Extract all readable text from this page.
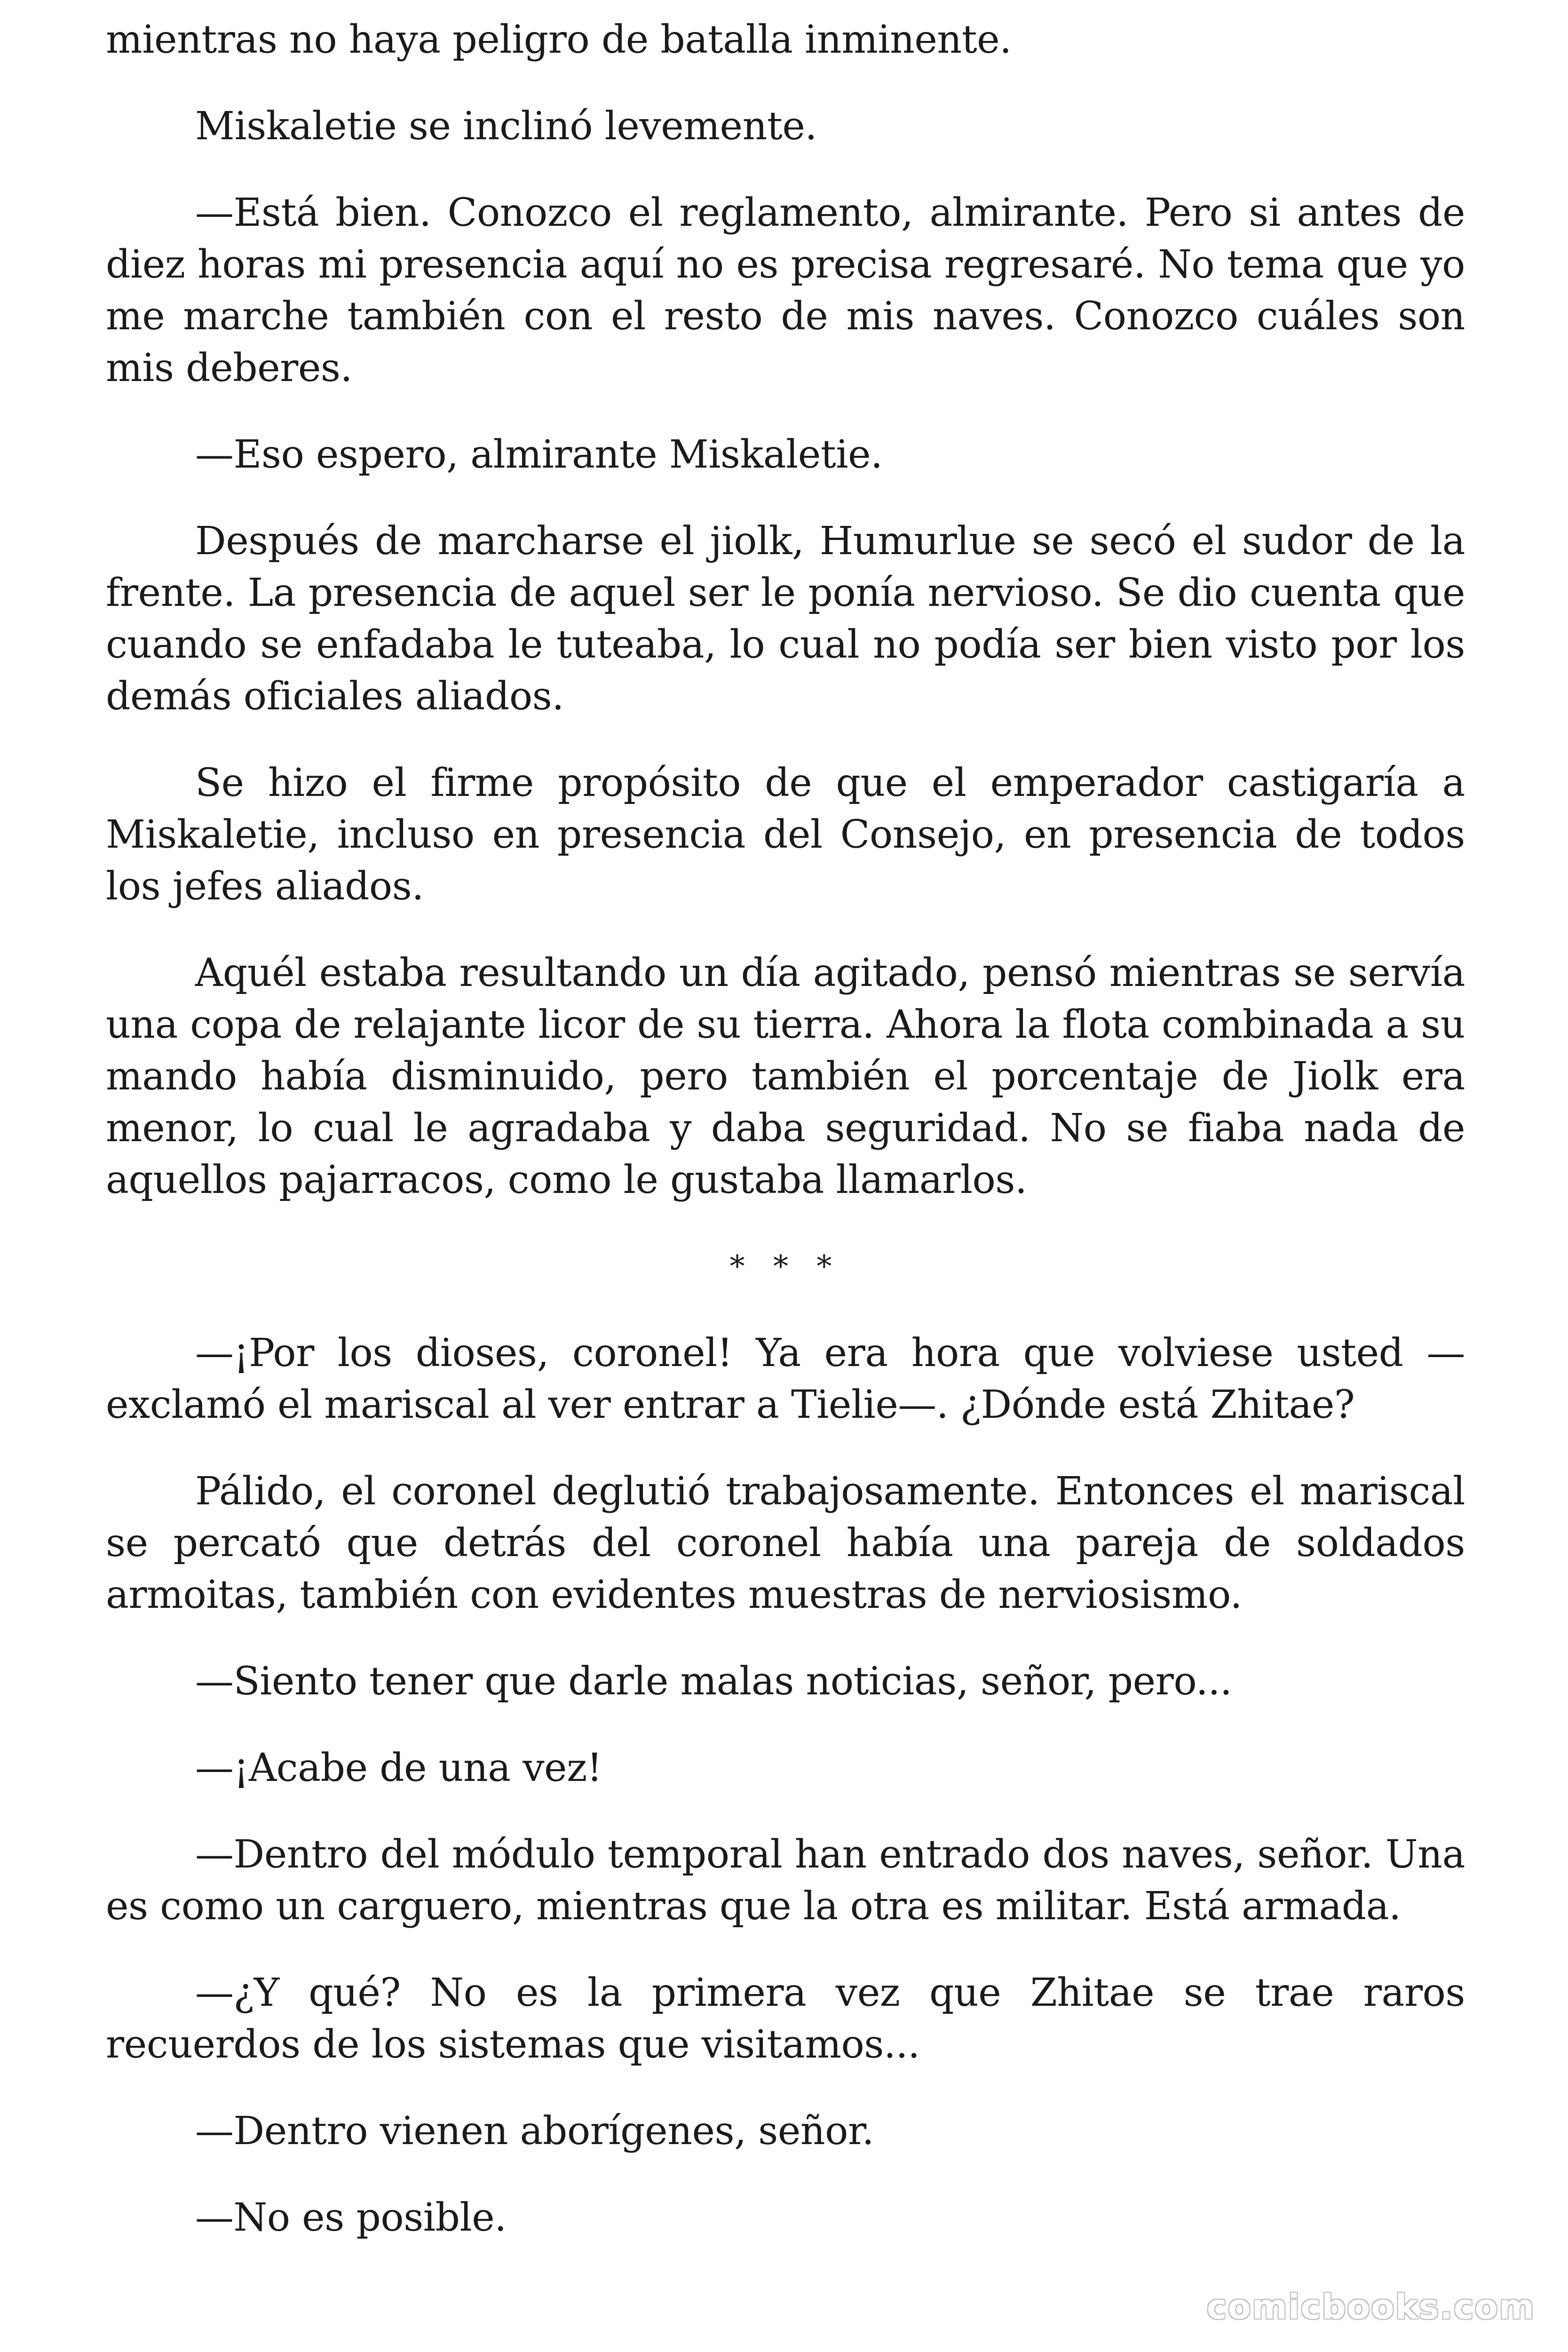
mientras no haya peligro de batalla inminente.

Miskaletie se inclinó levemente.

—Está bien. Conozco el reglamento, almirante. Pero si antes de diez horas mi presencia aquí no es precisa regresaré. No tema que yo me marche también con el resto de mis naves. Conozco cuáles son mis deberes.

—Eso espero, almirante Miskaletie.

Después de marcharse el jiolk, Humurlue se secó el sudor de la frente. La presencia de aquel ser le ponía nervioso. Se dio cuenta que cuando se enfadaba le tuteaba, lo cual no podía ser bien visto por los demás oficiales aliados.

Se hizo el firme propósito de que el emperador castigaría a Miskaletie, incluso en presencia del Consejo, en presencia de todos los jefes aliados.

Aquél estaba resultando un día agitado, pensó mientras se servía una copa de relajante licor de su tierra. Ahora la flota combinada a su mando había disminuido, pero también el porcentaje de Jiolk era menor, lo cual le agradaba y daba seguridad. No se fiaba nada de aquellos pajarracos, como le gustaba llamarlos.

* * *

—¡Por los dioses, coronel! Ya era hora que volviese usted —exclamó el mariscal al ver entrar a Tielie—. ¿Dónde está Zhitae?

Pálido, el coronel deglutió trabajosamente. Entonces el mariscal se percató que detrás del coronel había una pareja de soldados armoitas, también con evidentes muestras de nerviosismo.

—Siento tener que darle malas noticias, señor, pero...

—¡Acabe de una vez!

—Dentro del módulo temporal han entrado dos naves, señor. Una es como un carguero, mientras que la otra es militar. Está armada.

—¿Y qué? No es la primera vez que Zhitae se trae raros recuerdos de los sistemas que visitamos...

—Dentro vienen aborígenes, señor.

—No es posible.

comicbooks.com
